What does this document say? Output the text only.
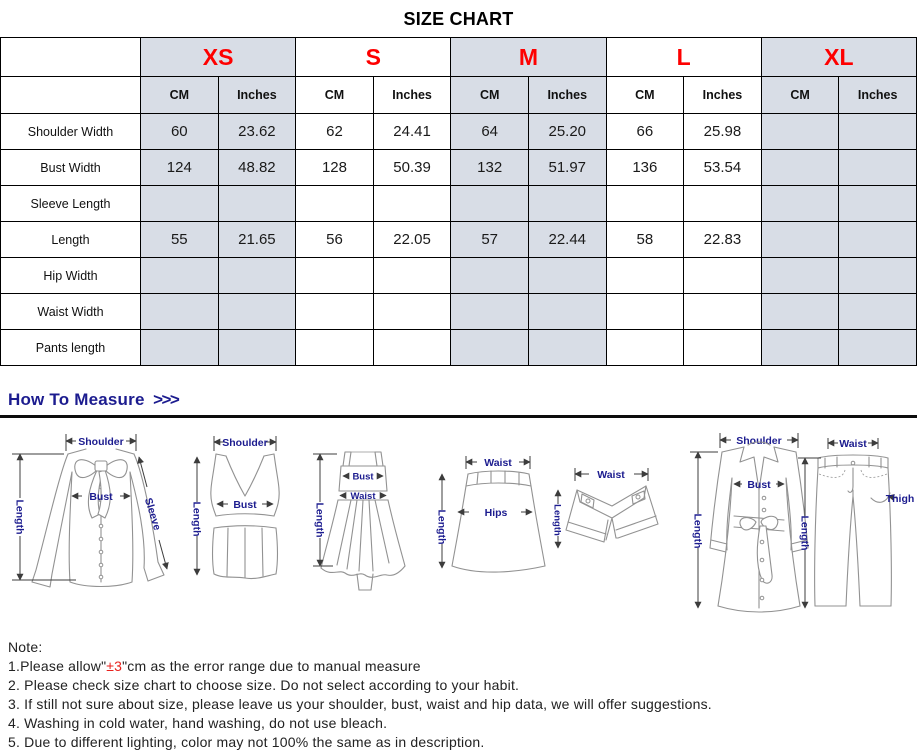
SIZE CHART
	XS		S		M		L		XL	
	CM	Inches	CM	Inches	CM	Inches	CM	Inches	CM	Inches
Shoulder Width	60	23.62	62	24.41	64	25.20	66	25.98		
Bust Width	124	48.82	128	50.39	132	51.97	136	53.54		
Sleeve Length										
Length	55	21.65	56	22.05	57	22.44	58	22.83		
Hip Width										
Waist Width										
Pants length										
How To Measure >>>
Shoulder
Length
Bust	Sleeve
Shoulder
Length	Bust
Bust
Waist
Length
Waist
Hips
Length
Waist
Length
Shoulder
Bust
Length
Waist
Thigh
Length
Note:
1.Please allow"±3"cm as the error range due to manual measure
2. Please check size chart to choose size. Do not select according to your habit.
3. If still not sure about size, please leave us your shoulder, bust, waist and hip data, we will offer suggestions.
4. Washing in cold water, hand washing, do not use bleach.
5. Due to different lighting, color may not 100% the same as in description.
